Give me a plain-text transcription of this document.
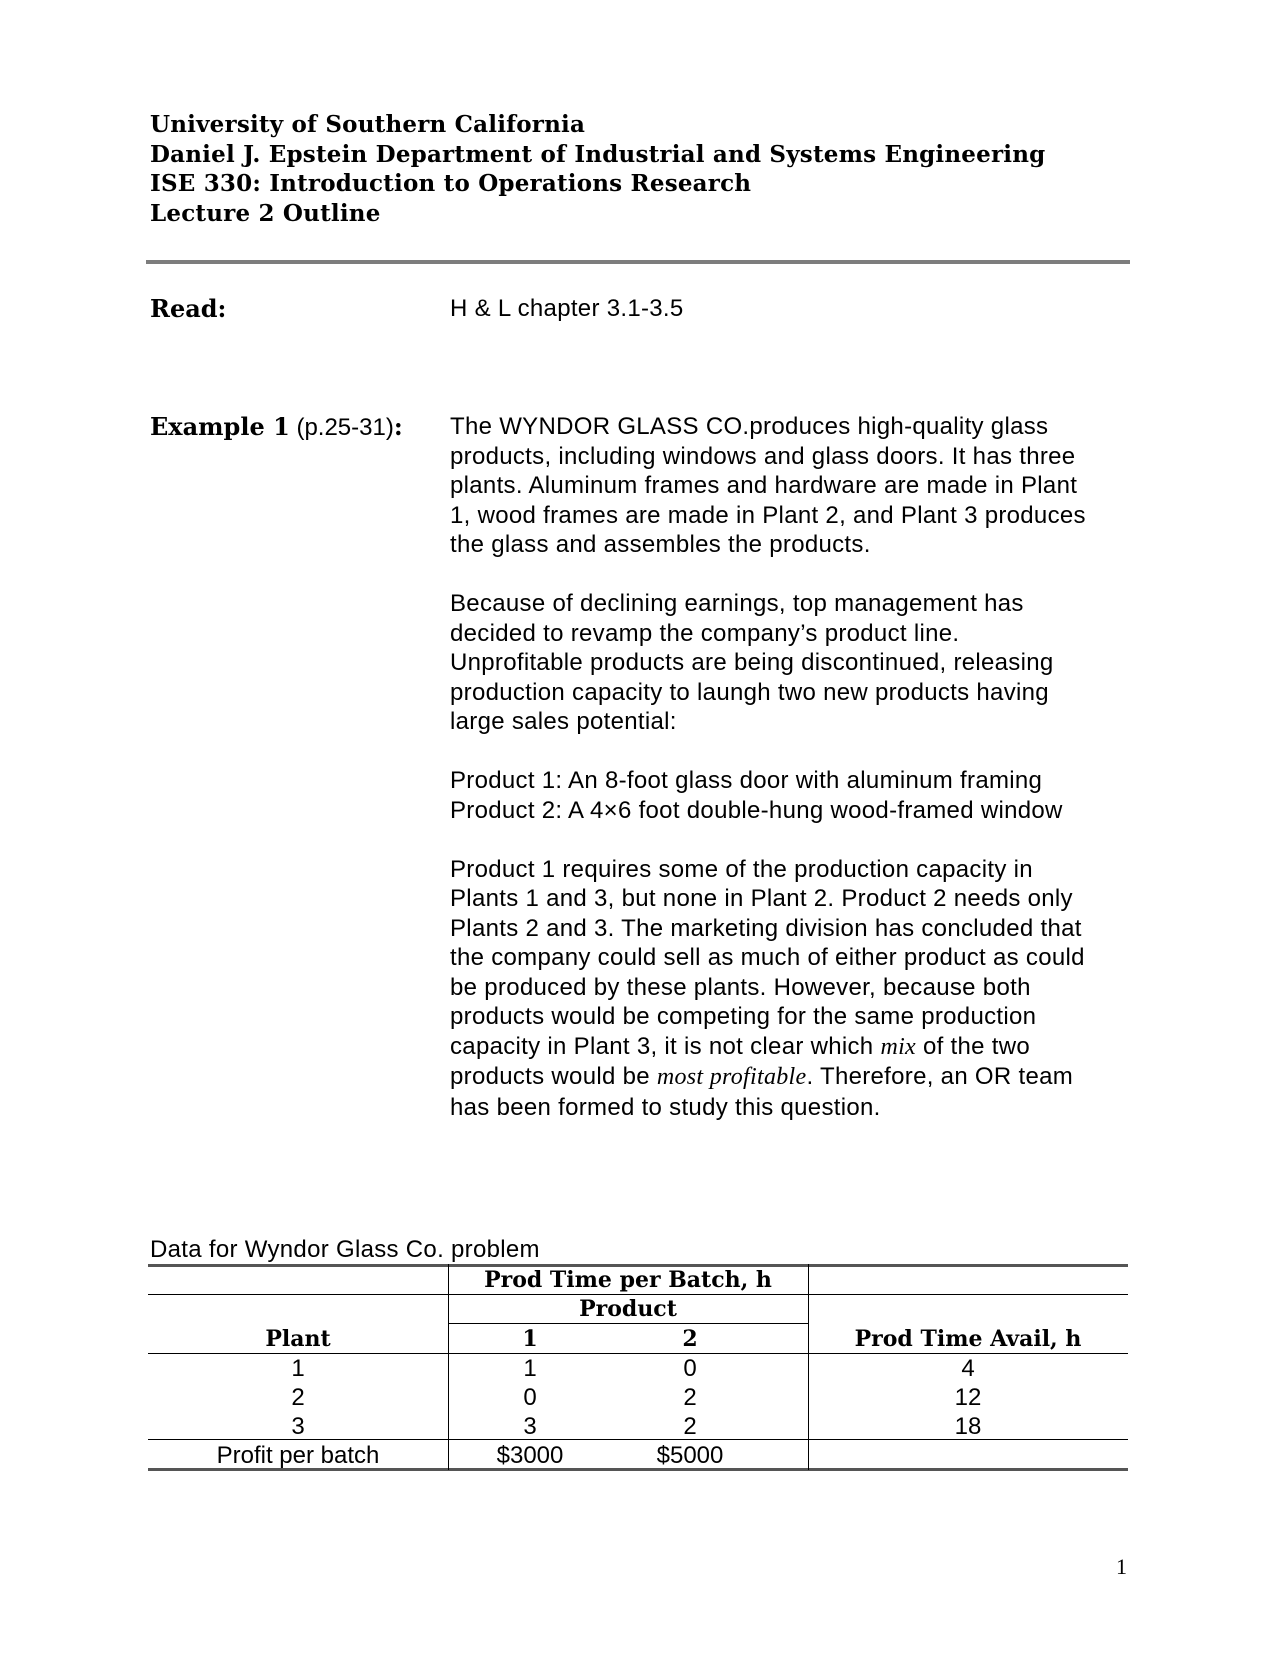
University of Southern California
Daniel J. Epstein Department of Industrial and Systems Engineering
ISE 330: Introduction to Operations Research
Lecture 2 Outline
Read:	H & L chapter 3.1-3.5
Example 1 (p.25-31): The WYNDOR GLASS CO.produces high-quality glass
products, including windows and glass doors. It has three
plants. Aluminum frames and hardware are made in Plant
1, wood frames are made in Plant 2, and Plant 3 produces
the glass and assembles the products.
Because of declining earnings, top management has
decided to revamp the company’s product line.
Unprofitable products are being discontinued, releasing
production capacity to laungh two new products having
large sales potential:
Product 1: An 8-foot glass door with aluminum framing
Product 2: A 4×6 foot double-hung wood-framed window
Product 1 requires some of the production capacity in
Plants 1 and 3, but none in Plant 2. Product 2 needs only
Plants 2 and 3. The marketing division has concluded that
the company could sell as much of either product as could
be produced by these plants. However, because both
products would be competing for the same production
capacity in Plant 3, it is not clear which mix of the two
products would be most profitable. Therefore, an OR team
has been formed to study this question.
Data for Wyndor Glass Co. problem
Prod Time per Batch, h
Product
Plant	1	2	Prod Time Avail, h
1	1	0	4
2	0	2	12
3	3	2	18
Profit per batch	$3000	$5000
1
